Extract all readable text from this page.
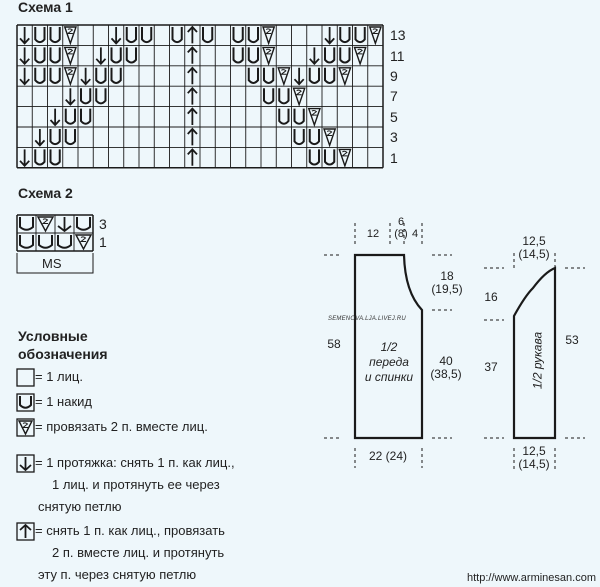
Схема 1
13
11
9
7
5
3
1
Схема 2
3
1
MS
Условные
обозначения
= 1 лиц.
= 1 накид
= провязать 2 п. вместе лиц.
= 1 протяжка: снять 1 п. как лиц.,
1 лиц. и протянуть ее через
снятую петлю
= снять 1 п. как лиц., провязать
2 п. вместе лиц. и протянуть
эту п. через снятую петлю
12
6
(8) 4
18
(19,5)
58
40
(38,5)
22 (24)
SEMENOVA.LJA.LIVEJ.RU
1/2
переда
и спинки
12,5
(14,5)
16
37
53
12,5
(14,5)
1/2 рукава
http://www.arminesan.com
